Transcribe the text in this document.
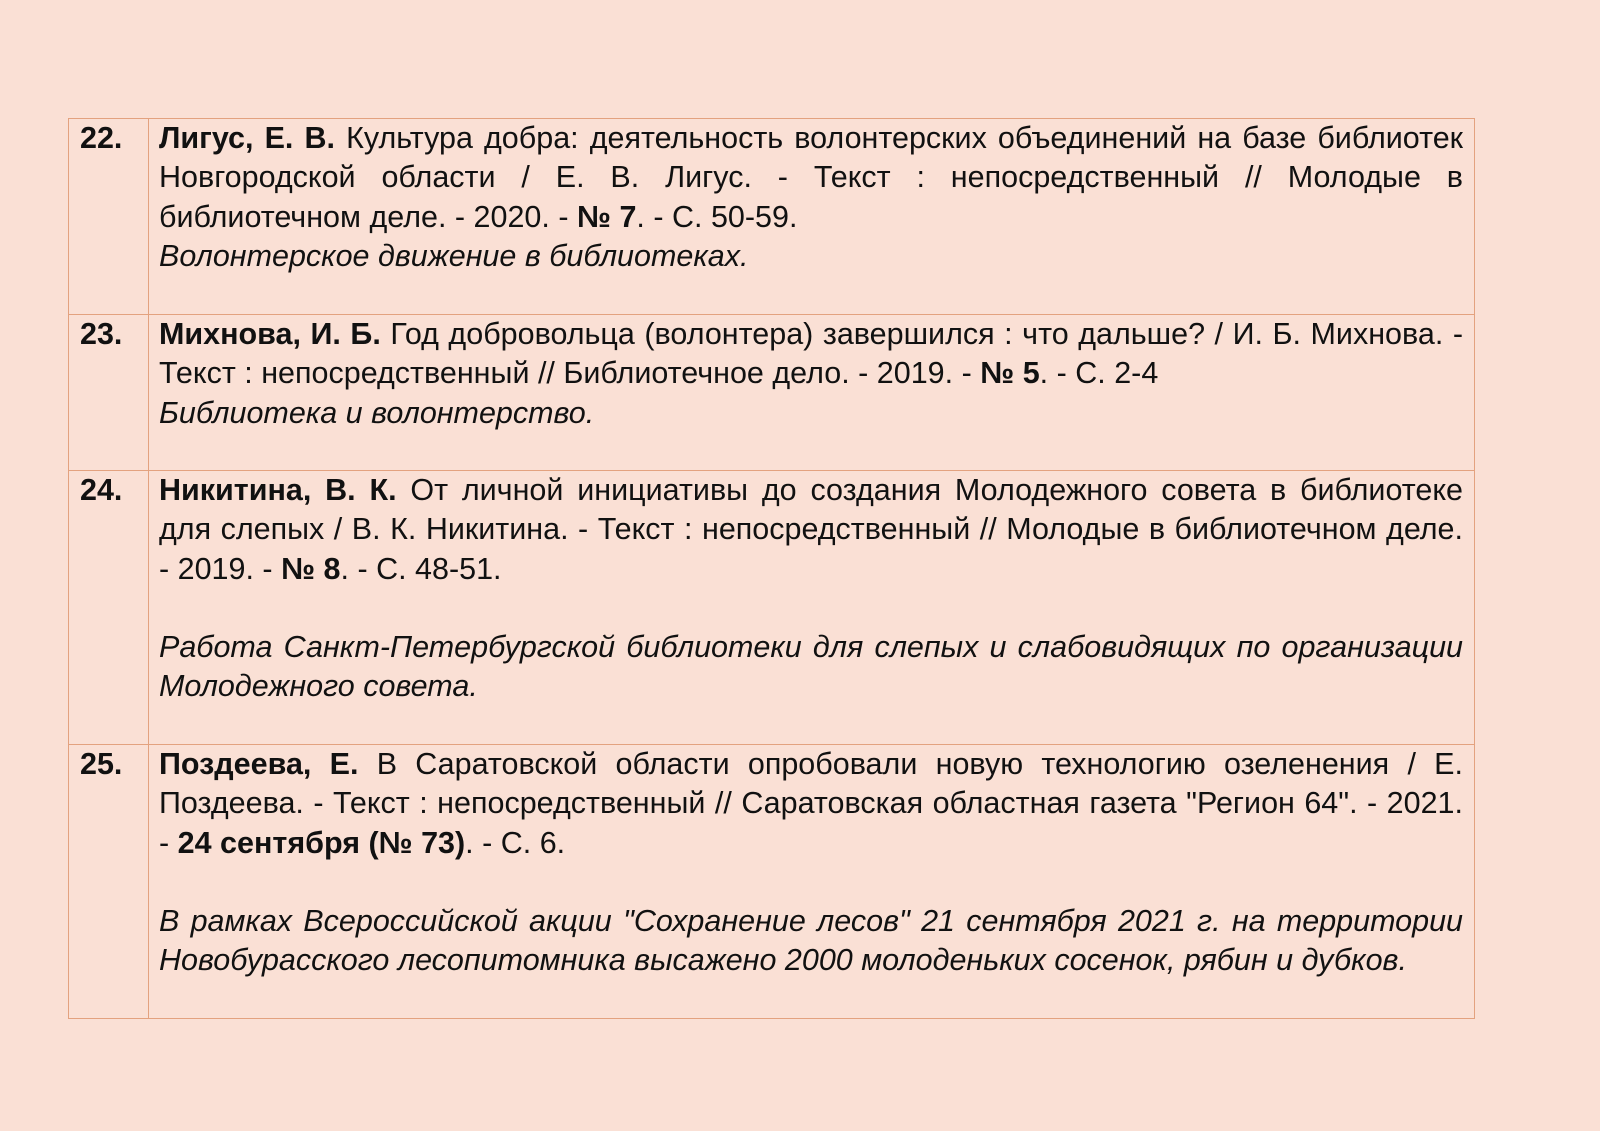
22.	Лигус, Е. В. Культура добра: деятельность волонтерских объединений на базе библиотек Новгородской области / Е. В. Лигус. - Текст : непосредственный // Молодые в библиотечном деле. - 2020. - № 7. - С. 50-59.

Волонтерское движение в библиотеках.

23.	Михнова, И. Б. Год добровольца (волонтера) завершился : что дальше? / И. Б. Михнова. - Текст : непосредственный // Библиотечное дело. - 2019. - № 5. - С. 2-4

Библиотека и волонтерство.

24.	Никитина, В. К. От личной инициативы до создания Молодежного совета в библиотеке для слепых / В. К. Никитина. - Текст : непосредственный // Молодые в библиотечном деле. - 2019. - № 8. - С. 48-51.

Работа Санкт-Петербургской библиотеки для слепых и слабовидящих по организации Молодежного совета.

25.	Поздеева, Е. В Саратовской области опробовали новую технологию озеленения / Е. Поздеева. - Текст : непосредственный // Саратовская областная газета "Регион 64". - 2021. - 24 сентября (№ 73). - С. 6.

В рамках Всероссийской акции "Сохранение лесов" 21 сентября 2021 г. на территории Новобурасского лесопитомника высажено 2000 молоденьких сосенок, рябин и дубков.
